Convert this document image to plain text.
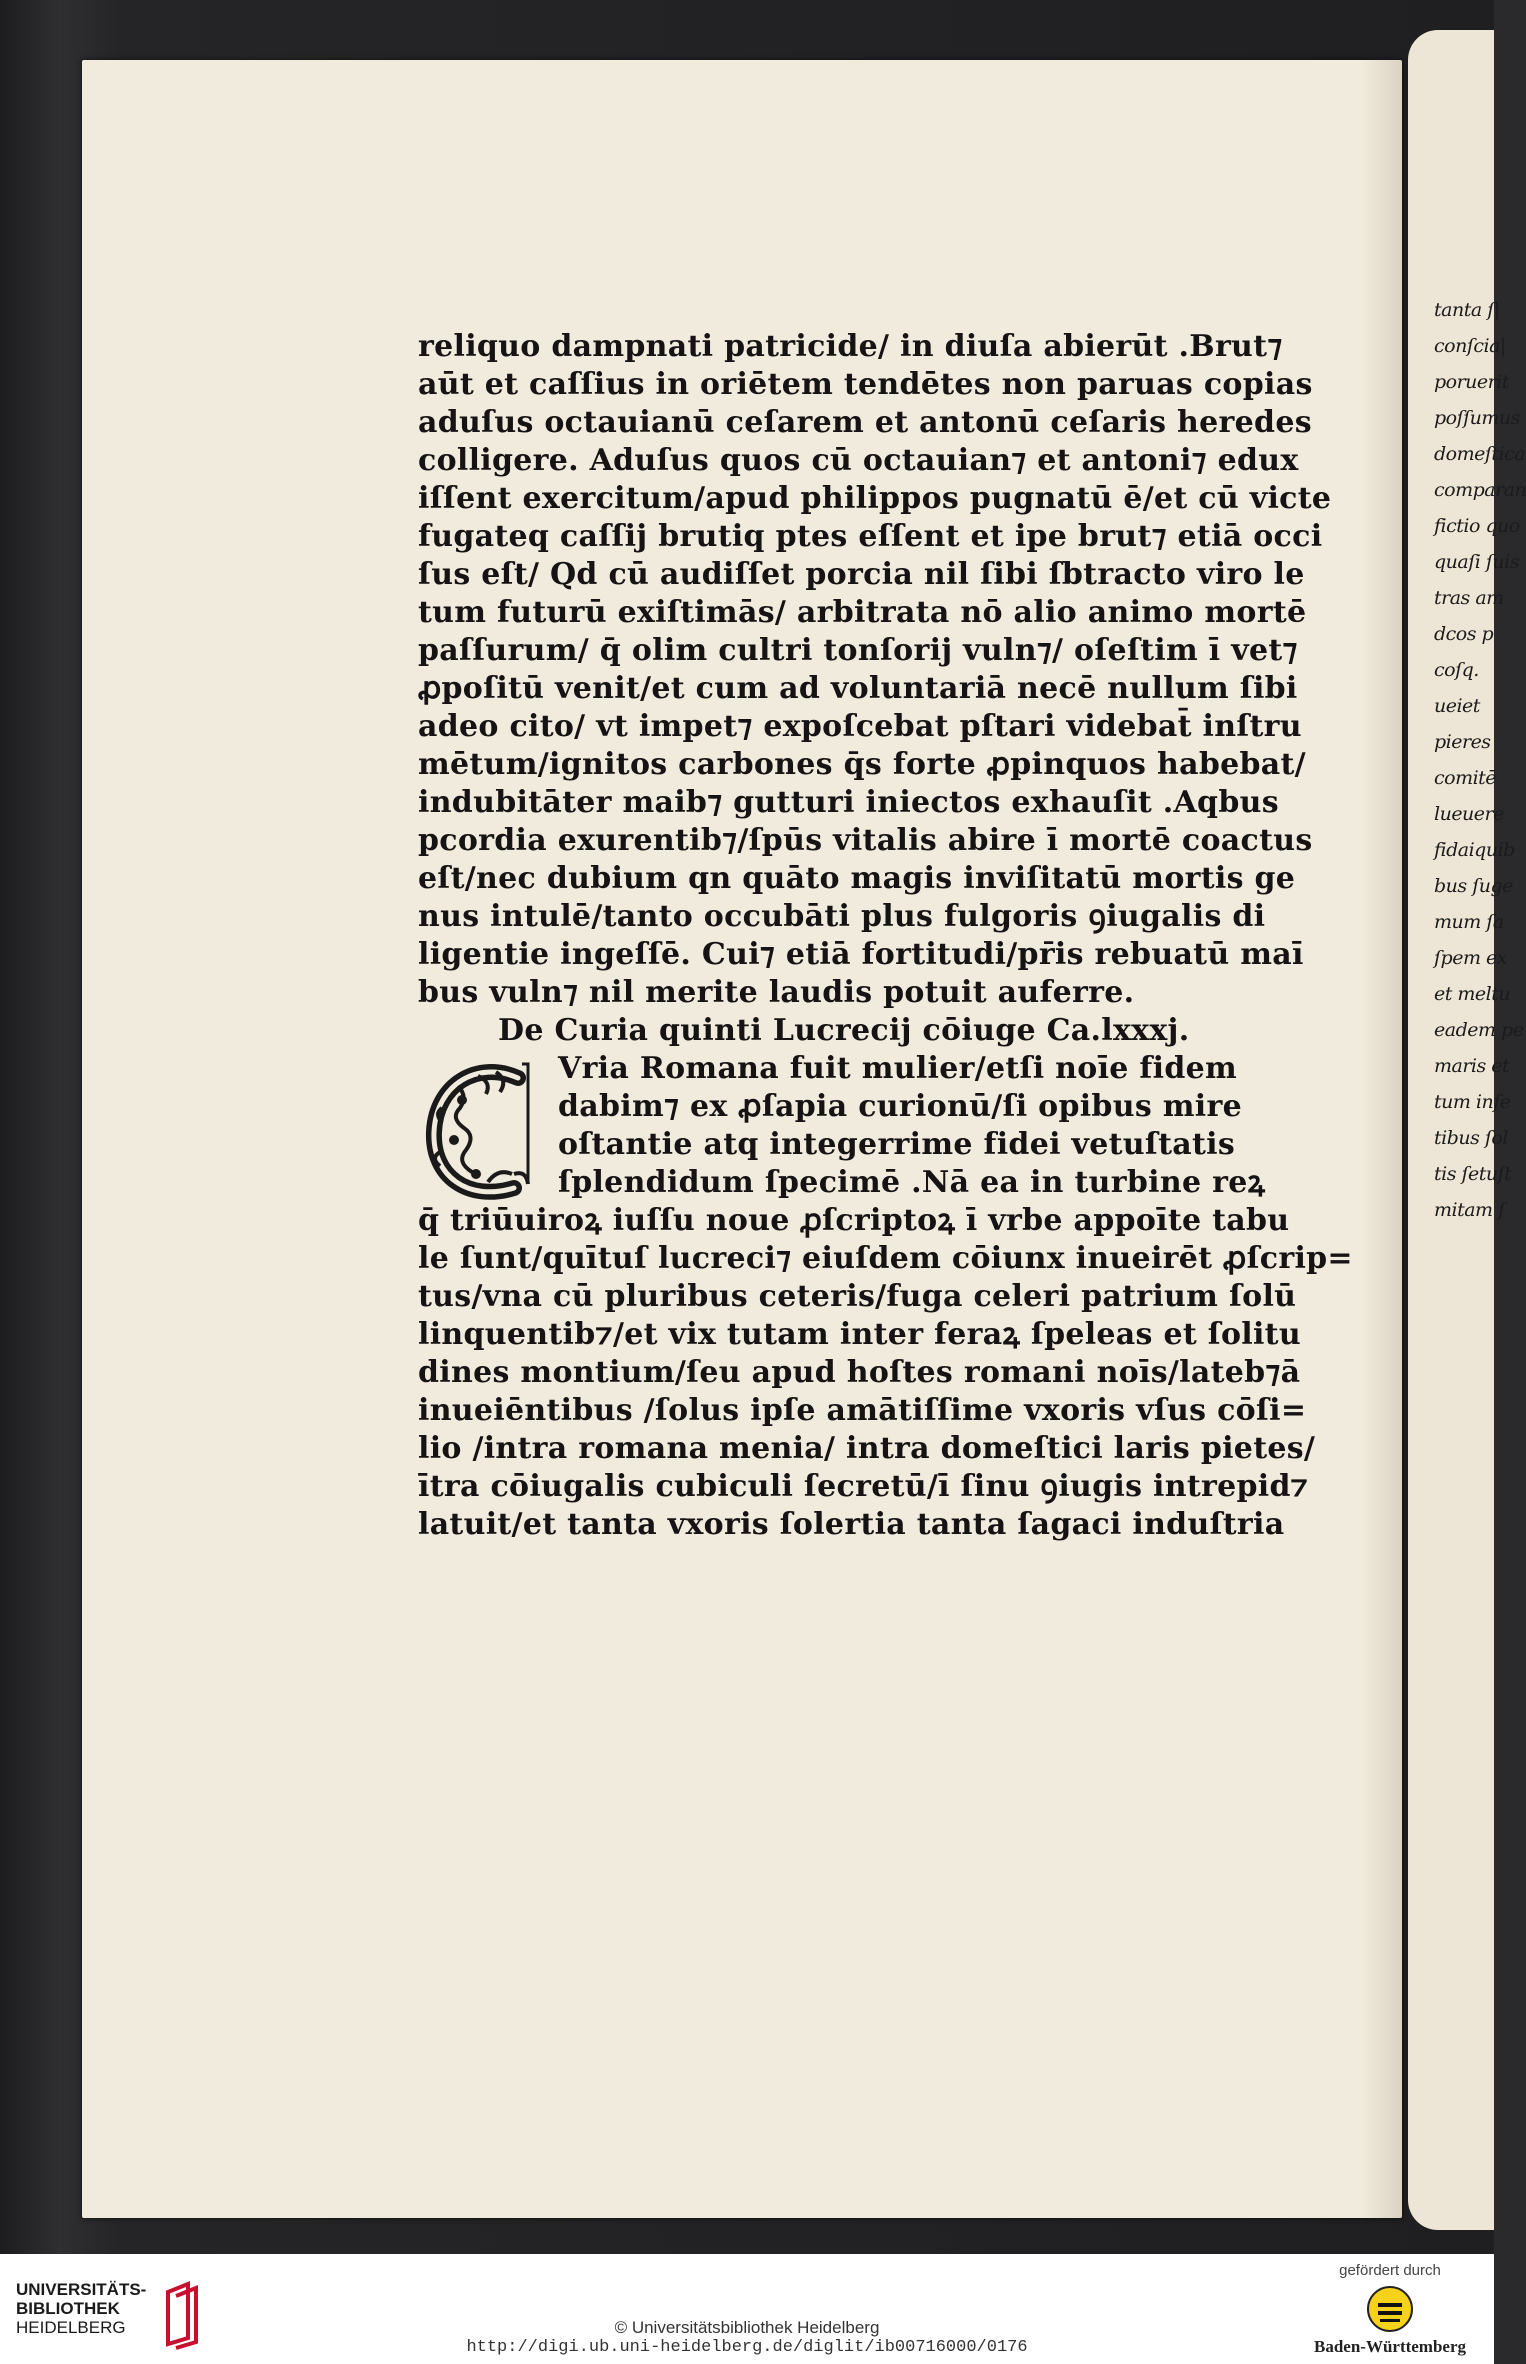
reliquo dampnati patricide/ in diuſa abierūt .Brut⁊
aūt et caſſius in oriētem tendētes non paruas copias
aduſus octauianū ceſarem et antonū ceſaris heredes
colligere. Aduſus quos cū octauian⁊ et antoni⁊ edux
iſſent exercitum/apud philippos pugnatū ē/et cū victe
fugateq caſſij brutiq ptes eſſent et ipe brut⁊ etiā occi
ſus eſt/ Qd cū audiſſet porcia nil ſibi ſbtracto viro le
tum futurū exiſtimās/ arbitrata nō alio animo mortē
paſſurum/ q̄ olim cultri tonſorij vuln⁊/ oſeſtim ī vet⁊
ꝓpoſitū venit/et cum ad voluntariā necē nullum ſibi
adeo cito/ vt impet⁊ expoſcebat pſtari videbat̄ inſtru
mētum/ignitos carbones q̄s forte ꝓpinquos habebat/
indubitāter maib⁊ gutturi iniectos exhauſit .Aqbus
pcordia exurentib⁊/ſpūs vitalis abire ī mortē coactus
eſt/nec dubium qn quāto magis inviſitatū mortis ge
nus intulē/tanto occubāti plus fulgoris ꝯiugalis di
ligentie ingeſſē. Cui⁊ etiā fortitudi/pr̄is rebuatū maī
bus vuln⁊ nil merite laudis potuit auferre.
De Curia quinti Lucrecij cōiuge Ca.lxxxj.
Vria Romana fuit mulier/etſi noīe fidem
dabim⁊ ex ꝓſapia curionū/ſi opibus mire
oſtantie atq integerrime fidei vetuſtatis
ſplendidum ſpecimē .Nā ea in turbine reꝝ
q̄ triūuiroꝝ iuſſu noue ꝓſcriptoꝝ ī vrbe appoīte tabu
le ſunt/quītuſ lucreci⁊ eiuſdem cōiunx inueirēt ꝓſcrip=
tus/vna cū pluribus ceteris/fuga celeri patrium ſolū
linquentib⁊/et vix tutam inter feraꝝ ſpeleas et ſolitu
dines montium/ſeu apud hoſtes romani noīs/lateb⁊ā
inueiēntibus /ſolus ipſe amātiſſime vxoris vſus cōſi=
lio /intra romana menia/ intra domeſtici laris pietes/
ītra cōiugalis cubiculi ſecretū/ī ſinu ꝯiugis intrepid⁊
latuit/et tanta vxoris ſolertia tanta ſagaci induſtria
tanta ſ|
conſcia|
poruerit
poſſumus
domeſtica
comparan
fictio quo
quaſi ſuis
tras am
dcos p
coſq.
ueiet
pieres
comitē
lueuere
fidaiquib
bus ſuge
mum ſa
ſpem ex
et meltu
eadem pe
maris et
tum infe
tibus ſol
tis ſetuſt
mitam ſ
UNIVERSITÄTS-
BIBLIOTHEK
HEIDELBERG	© Universitätsbibliothek Heidelberg
http://digi.ub.uni-heidelberg.de/diglit/ib00716000/0176
gefördert durch
Baden-Württemberg
